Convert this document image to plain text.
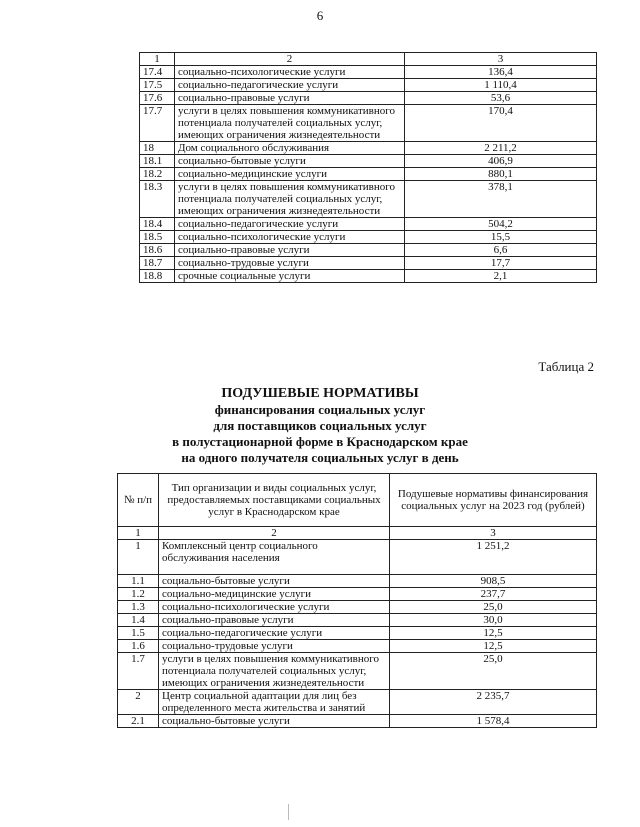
6
1	2	3
17.4	социально-психологические услуги	136,4
17.5	социально-педагогические услуги	1 110,4
17.6	социально-правовые услуги	53,6
17.7	услуги в целях повышения коммуникативного потенциала получателей социальных услуг, имеющих ограничения жизнедеятельности	170,4
18	Дом социального обслуживания	2 211,2
18.1	социально-бытовые услуги	406,9
18.2	социально-медицинские услуги	880,1
18.3	услуги в целях повышения коммуникативного потенциала получателей социальных услуг, имеющих ограничения жизнедеятельности	378,1
18.4	социально-педагогические услуги	504,2
18.5	социально-психологические услуги	15,5
18.6	социально-правовые услуги	6,6
18.7	социально-трудовые услуги	17,7
18.8	срочные социальные услуги	2,1
Таблица 2
ПОДУШЕВЫЕ НОРМАТИВЫ
финансирования социальных услуг
для поставщиков социальных услуг
в полустационарной форме в Краснодарском крае
на одного получателя социальных услуг в день
№ п/п	Тип организации и виды социальных услуг, предоставляемых поставщиками социальных услуг в Краснодарском крае	Подушевые нормативы финансирования социальных услуг на 2023 год (рублей)
1	2	3
1	Комплексный центр социального обслуживания населения	1 251,2
1.1	социально-бытовые услуги	908,5
1.2	социально-медицинские услуги	237,7
1.3	социально-психологические услуги	25,0
1.4	социально-правовые услуги	30,0
1.5	социально-педагогические услуги	12,5
1.6	социально-трудовые услуги	12,5
1.7	услуги в целях повышения коммуникативного потенциала получателей социальных услуг, имеющих ограничения жизнедеятельности	25,0
2	Центр социальной адаптации для лиц без определенного места жительства и занятий	2 235,7
2.1	социально-бытовые услуги	1 578,4
